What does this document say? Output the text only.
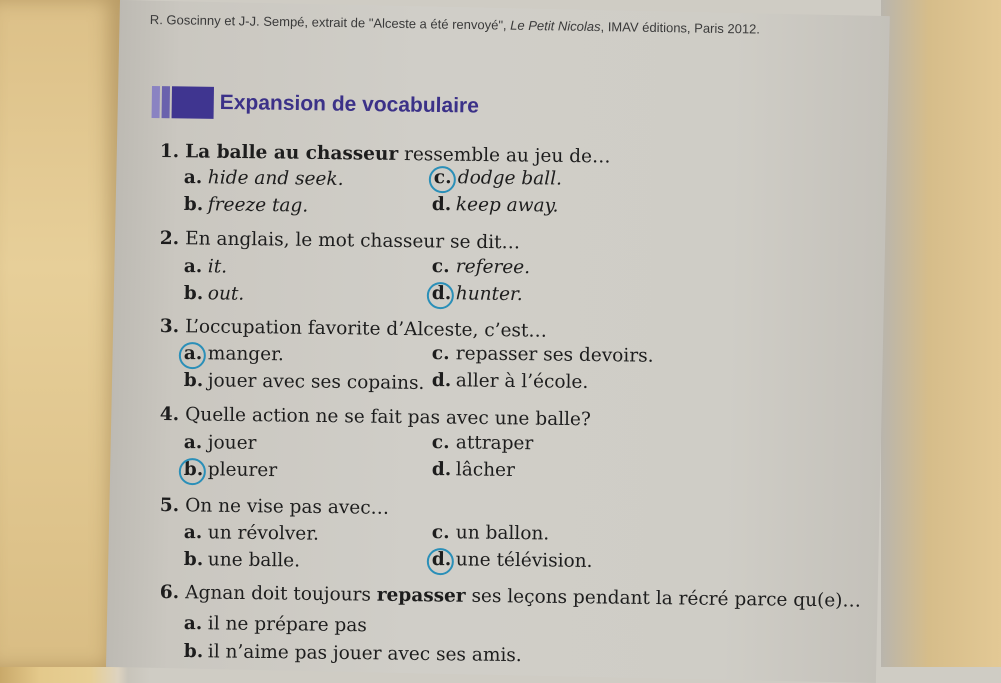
R. Goscinny et J-J. Sempé, extrait de "Alceste a été renvoyé", Le Petit Nicolas, IMAV éditions, Paris 2012.
Expansion de vocabulaire
1. La balle au chasseur ressemble au jeu de…
a. hide and seek.	c. dodge ball.
b. freeze tag.	d. keep away.
2. En anglais, le mot chasseur se dit…
a. it.	c. referee.
b. out.	d. hunter.
3. L’occupation favorite d’Alceste, c’est…
a. manger.	c. repasser ses devoirs.
b. jouer avec ses copains. d. aller à l’école.
4. Quelle action ne se fait pas avec une balle?
a. jouer	c. attraper
b. pleurer	d. lâcher
5. On ne vise pas avec…
a. un révolver.	c. un ballon.
b. une balle.	d. une télévision.
6. Agnan doit toujours repasser ses leçons pendant la récré parce qu(e)…
a. il ne prépare pas
b. il n’aime pas jouer avec ses amis.
